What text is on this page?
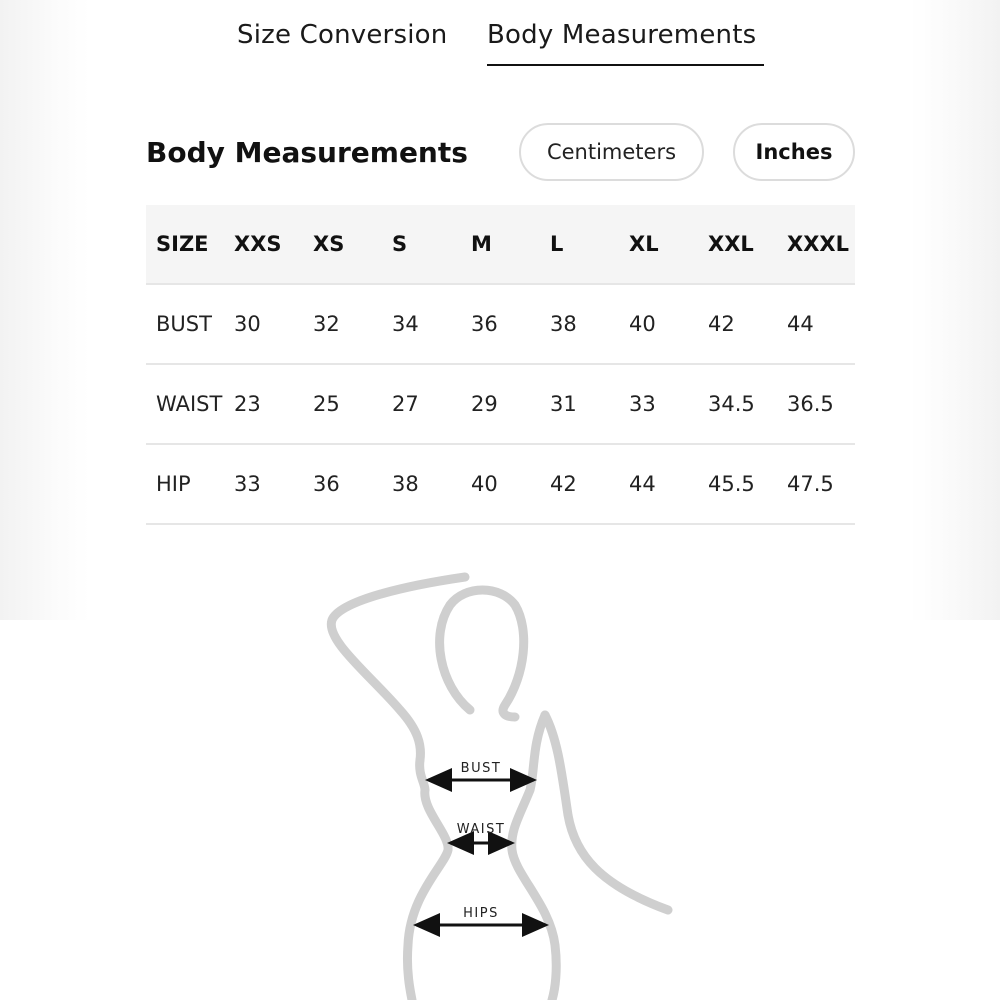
Size Conversion Body Measurements
Body Measurements	Centimeters	Inches
SIZE XXS XS S	M	L	XL XXL XXXL
BUST 30 32 34 36 38 40 42 44
WAIST 23 25 27 29 31 33 34.5 36.5
HIP 33 36 38 40 42 44 45.5 47.5
BUST
WAIST
HIPS
